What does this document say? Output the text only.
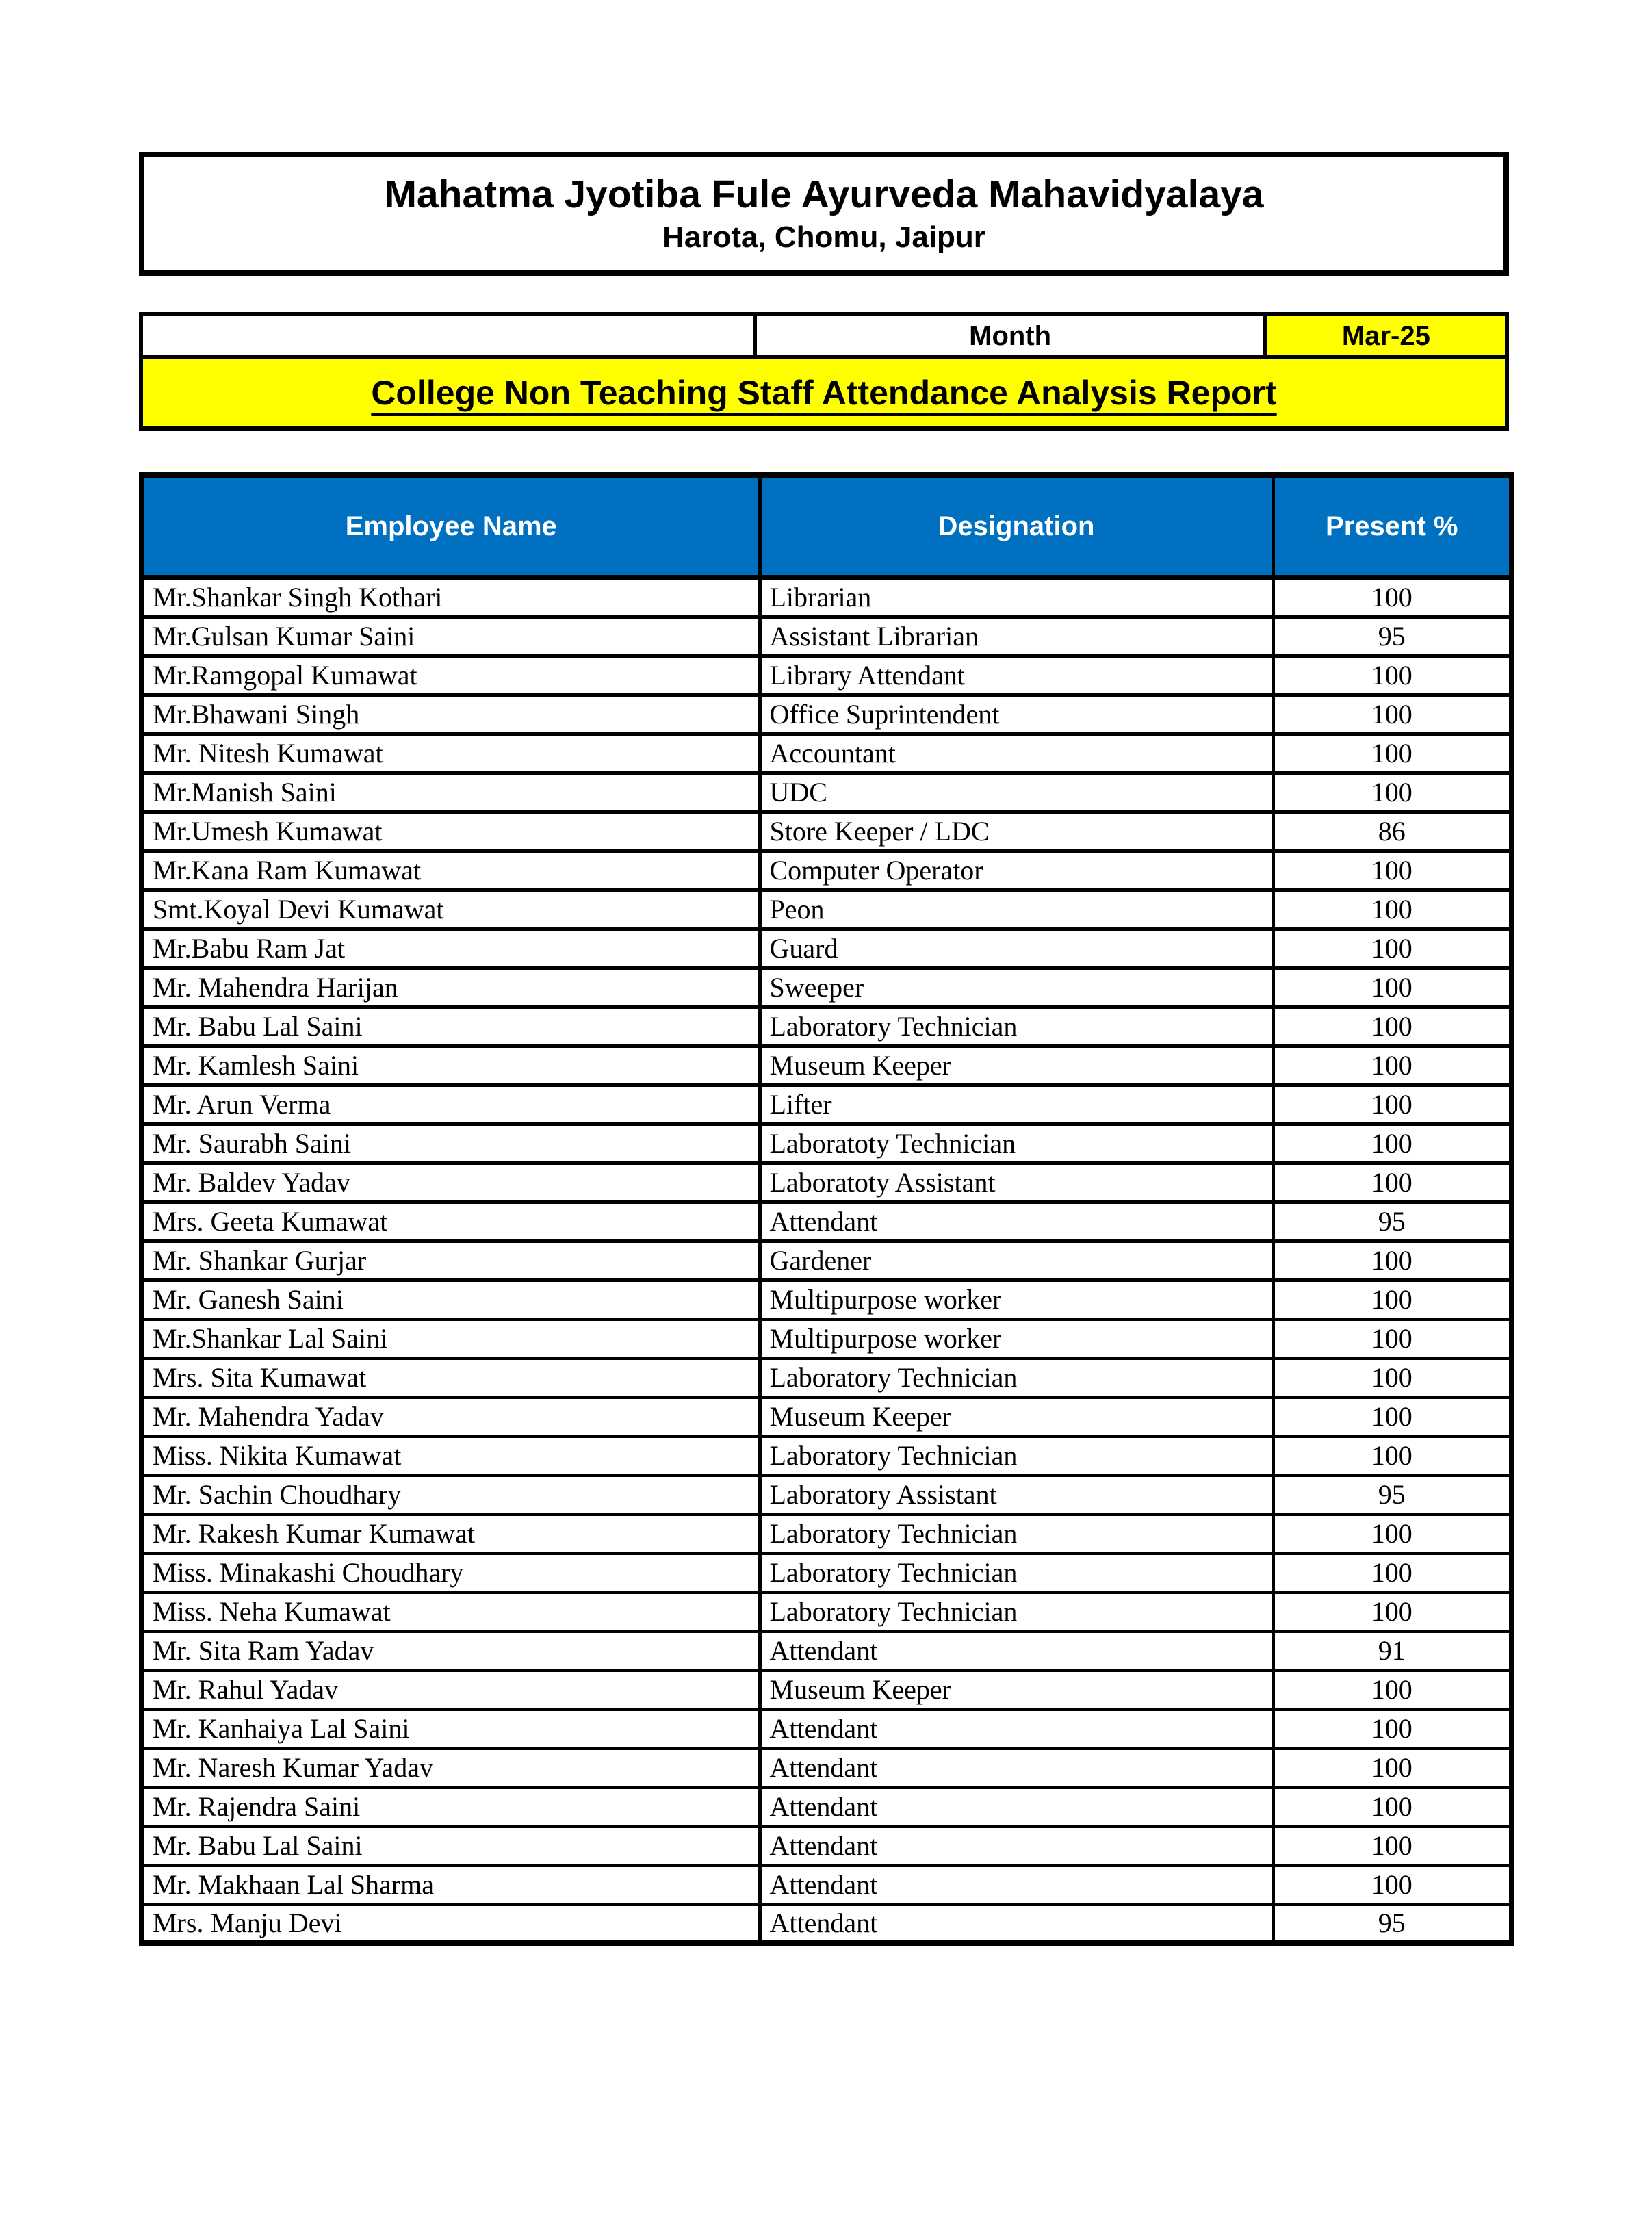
Mahatma Jyotiba Fule Ayurveda Mahavidyalaya
Harota, Chomu, Jaipur
Month	Mar-25
College Non Teaching Staff Attendance Analysis Report
Employee Name	Designation	Present %
Mr.Shankar Singh Kothari	Librarian	100
Mr.Gulsan Kumar Saini	Assistant Librarian	95
Mr.Ramgopal Kumawat	Library Attendant	100
Mr.Bhawani Singh	Office Suprintendent	100
Mr. Nitesh Kumawat	Accountant	100
Mr.Manish Saini	UDC	100
Mr.Umesh Kumawat	Store Keeper / LDC	86
Mr.Kana Ram Kumawat	Computer Operator	100
Smt.Koyal Devi Kumawat	Peon	100
Mr.Babu Ram Jat	Guard	100
Mr. Mahendra Harijan	Sweeper	100
Mr. Babu Lal Saini	Laboratory Technician	100
Mr. Kamlesh Saini	Museum Keeper	100
Mr. Arun Verma	Lifter	100
Mr. Saurabh Saini	Laboratoty Technician	100
Mr. Baldev Yadav	Laboratoty Assistant	100
Mrs. Geeta Kumawat	Attendant	95
Mr. Shankar Gurjar	Gardener	100
Mr. Ganesh Saini	Multipurpose worker	100
Mr.Shankar Lal Saini	Multipurpose worker	100
Mrs. Sita Kumawat	Laboratory Technician	100
Mr. Mahendra Yadav	Museum Keeper	100
Miss. Nikita Kumawat	Laboratory Technician	100
Mr. Sachin Choudhary	Laboratory Assistant	95
Mr. Rakesh Kumar Kumawat	Laboratory Technician	100
Miss. Minakashi Choudhary	Laboratory Technician	100
Miss. Neha Kumawat	Laboratory Technician	100
Mr. Sita Ram Yadav	Attendant	91
Mr. Rahul Yadav	Museum Keeper	100
Mr. Kanhaiya Lal Saini	Attendant	100
Mr. Naresh Kumar Yadav	Attendant	100
Mr. Rajendra Saini	Attendant	100
Mr. Babu Lal Saini	Attendant	100
Mr. Makhaan Lal Sharma	Attendant	100
Mrs. Manju Devi	Attendant	95
